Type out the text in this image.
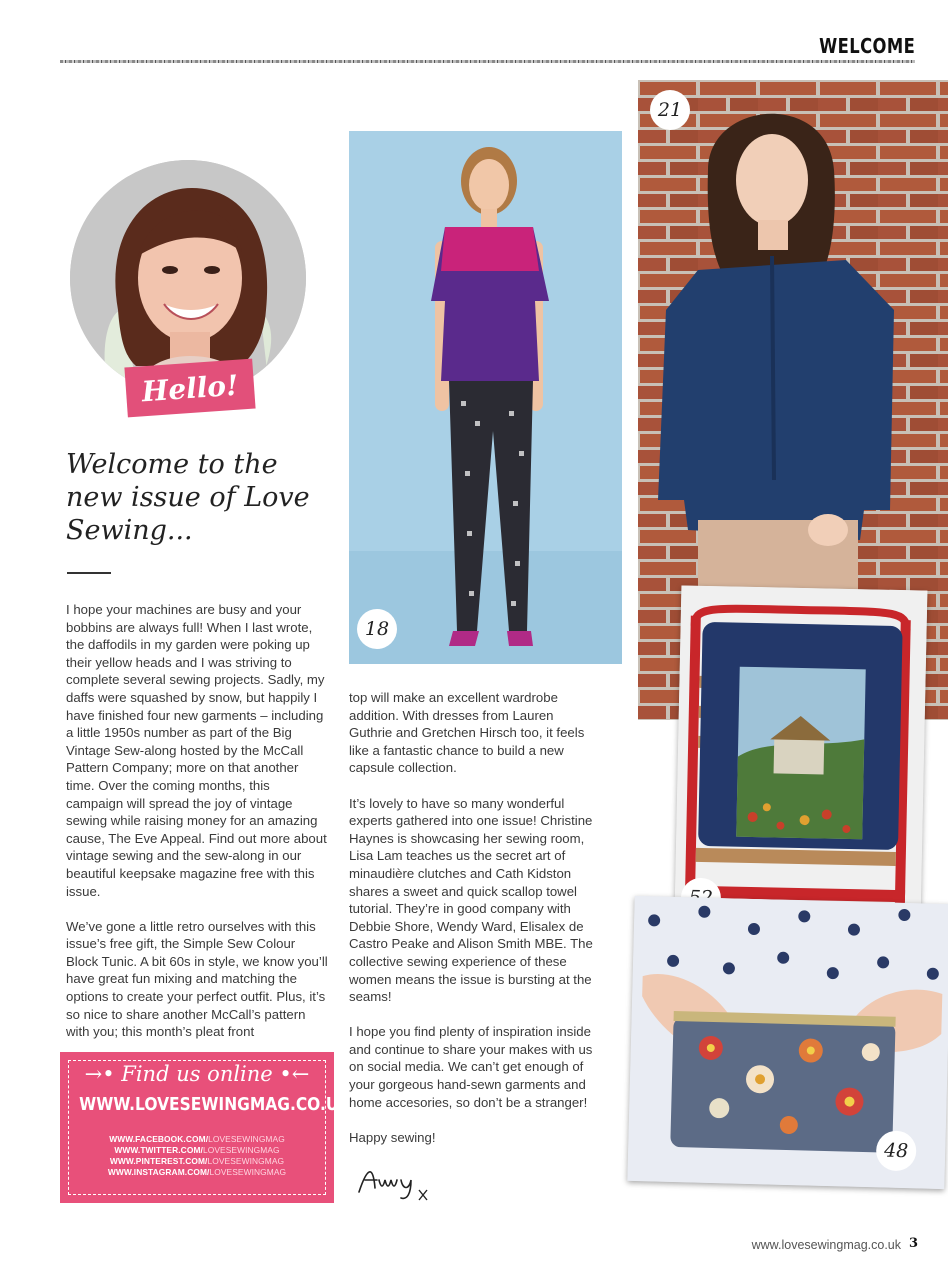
WELCOME
Hello!
Welcome to the new issue of Love Sewing...

I hope your machines are busy and your bobbins are always full! When I last wrote, the daffodils in my garden were poking up their yellow heads and I was striving to complete several sewing projects. Sadly, my daffs were squashed by snow, but happily I have finished four new garments – including a little 1950s number as part of the Big Vintage Sew-along hosted by the McCall Pattern Company; more on that another time. Over the coming months, this campaign will spread the joy of vintage sewing while raising money for an amazing cause, The Eve Appeal. Find out more about vintage sewing and the sew-along in our beautiful keepsake magazine free with this issue.

We’ve gone a little retro ourselves with this issue’s free gift, the Simple Sew Colour Block Tunic. A bit 60s in style, we know you’ll have great fun mixing and matching the options to create your perfect outfit. Plus, it’s so nice to share another McCall’s pattern with you; this month’s pleat front

top will make an excellent wardrobe addition. With dresses from Lauren Guthrie and Gretchen Hirsch too, it feels like a fantastic chance to build a new capsule collection.

It’s lovely to have so many wonderful experts gathered into one issue! Christine Haynes is showcasing her sewing room, Lisa Lam teaches us the secret art of minaudière clutches and Cath Kidston shares a sweet and quick scallop towel tutorial. They’re in good company with Debbie Shore, Wendy Ward, Elisalex de Castro Peake and Alison Smith MBE. The collective sewing experience of these women means the issue is bursting at the seams!

I hope you find plenty of inspiration inside and continue to share your makes with us on social media. We can’t get enough of your gorgeous hand-sewn garments and home accesories, so don’t be a stranger!

Happy sewing!

→• Find us online •←
WWW.LOVESEWINGMAG.CO.UK
WWW.FACEBOOK.COM/LOVESEWINGMAG
WWW.TWITTER.COM/LOVESEWINGMAG
WWW.PINTEREST.COM/LOVESEWINGMAG
WWW.INSTAGRAM.COM/LOVESEWINGMAG
18
21
48
www.lovesewingmag.co.uk 3
